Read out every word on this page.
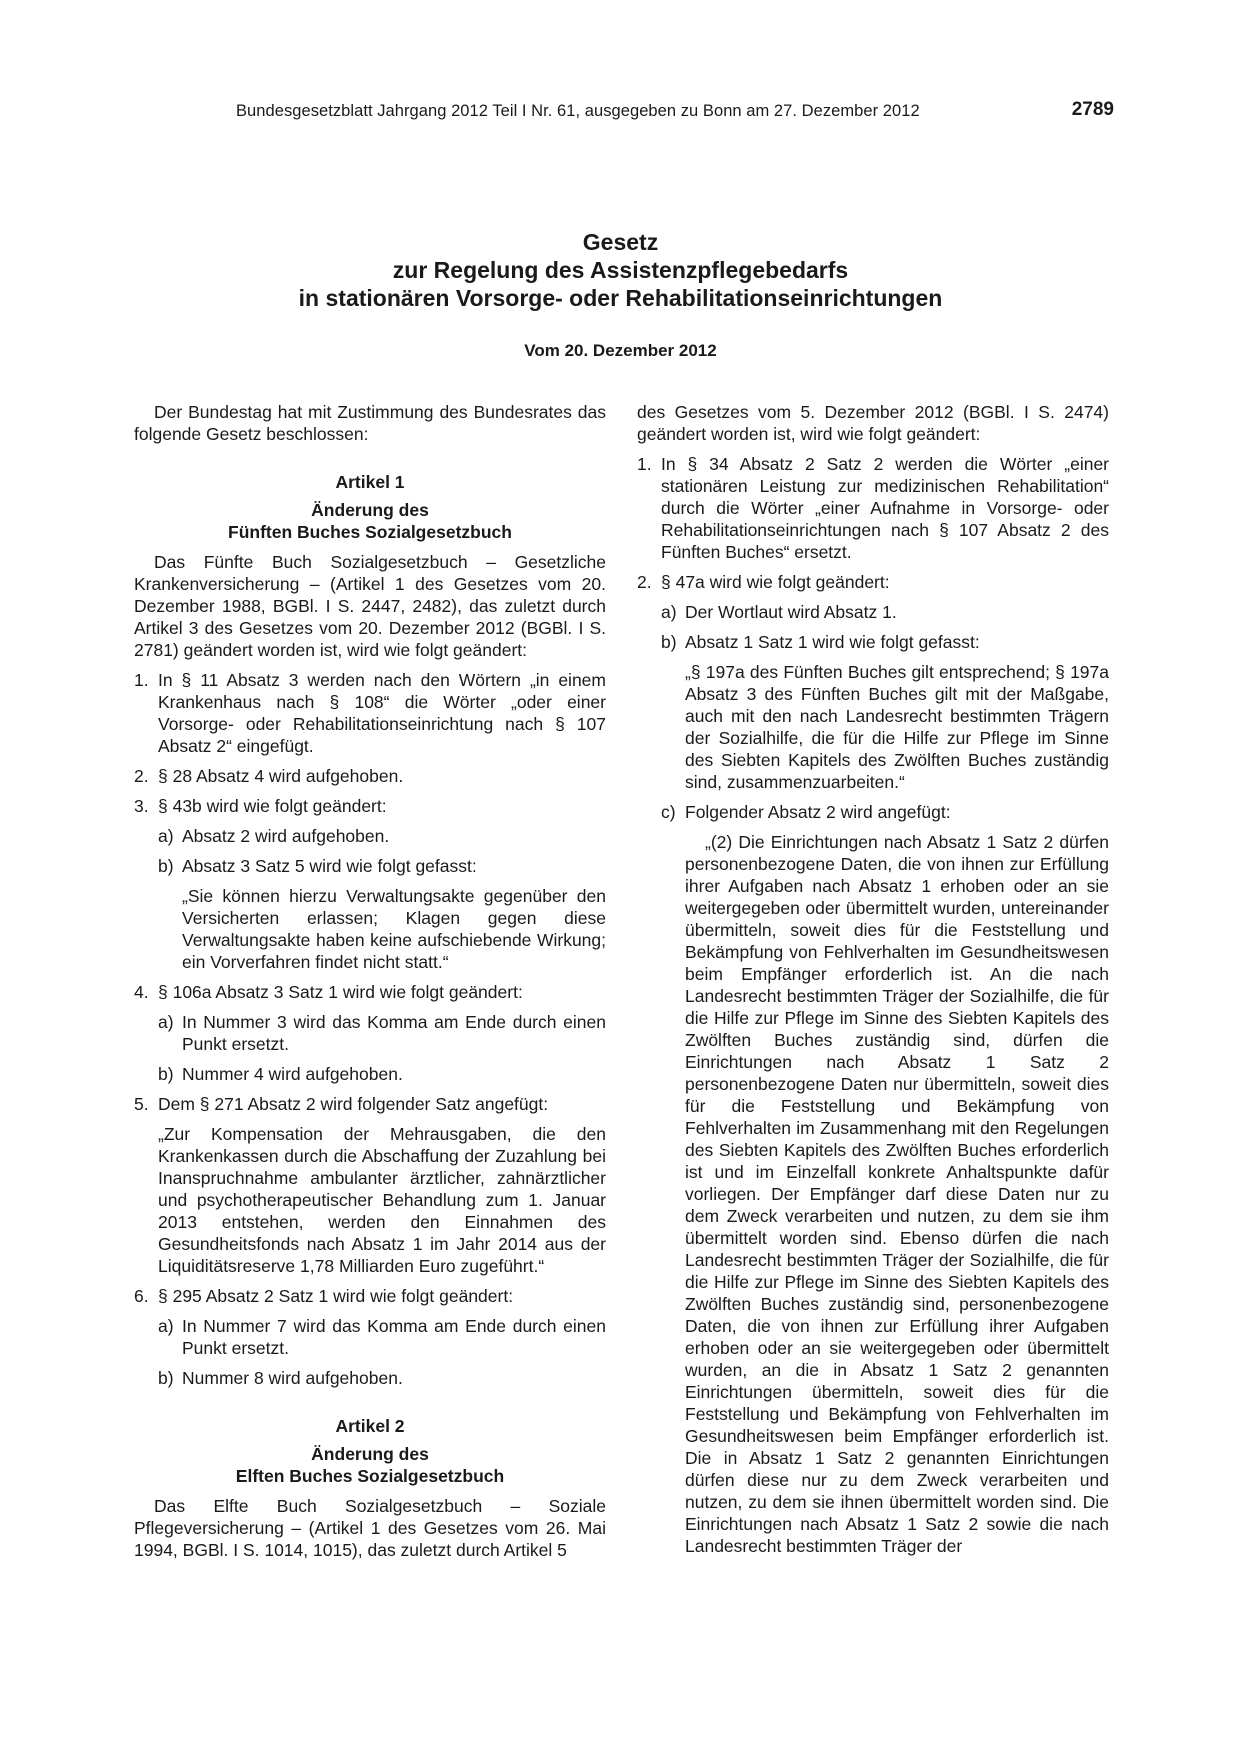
Bundesgesetzblatt Jahrgang 2012 Teil I Nr. 61, ausgegeben zu Bonn am 27. Dezember 2012	2789
Gesetz
zur Regelung des Assistenzpflegebedarfs
in stationären Vorsorge- oder Rehabilitationseinrichtungen
Vom 20. Dezember 2012

Der Bundestag hat mit Zustimmung des Bundesrates das folgende Gesetz beschlossen:

Artikel 1
Änderung des
Fünften Buches Sozialgesetzbuch

Das Fünfte Buch Sozialgesetzbuch – Gesetzliche Krankenversicherung – (Artikel 1 des Gesetzes vom 20. Dezember 1988, BGBl. I S. 2447, 2482), das zuletzt durch Artikel 3 des Gesetzes vom 20. Dezember 2012 (BGBl. I S. 2781) geändert worden ist, wird wie folgt geändert:

1. In § 11 Absatz 3 werden nach den Wörtern „in einem Krankenhaus nach § 108“ die Wörter „oder einer Vorsorge- oder Rehabilitationseinrichtung nach § 107 Absatz 2“ eingefügt.

2. § 28 Absatz 4 wird aufgehoben.

3. § 43b wird wie folgt geändert:

a) Absatz 2 wird aufgehoben.

b) Absatz 3 Satz 5 wird wie folgt gefasst:

„Sie können hierzu Verwaltungsakte gegenüber den Versicherten erlassen; Klagen gegen diese Verwaltungsakte haben keine aufschiebende Wirkung; ein Vorverfahren findet nicht statt.“

4. § 106a Absatz 3 Satz 1 wird wie folgt geändert:

a) In Nummer 3 wird das Komma am Ende durch einen Punkt ersetzt.

b) Nummer 4 wird aufgehoben.

5. Dem § 271 Absatz 2 wird folgender Satz angefügt:

„Zur Kompensation der Mehrausgaben, die den Krankenkassen durch die Abschaffung der Zuzahlung bei Inanspruchnahme ambulanter ärztlicher, zahnärztlicher und psychotherapeutischer Behandlung zum 1. Januar 2013 entstehen, werden den Einnahmen des Gesundheitsfonds nach Absatz 1 im Jahr 2014 aus der Liquiditätsreserve 1,78 Milliarden Euro zugeführt.“

6. § 295 Absatz 2 Satz 1 wird wie folgt geändert:

a) In Nummer 7 wird das Komma am Ende durch einen Punkt ersetzt.

b) Nummer 8 wird aufgehoben.

Artikel 2
Änderung des
Elften Buches Sozialgesetzbuch

Das Elfte Buch Sozialgesetzbuch – Soziale Pflegeversicherung – (Artikel 1 des Gesetzes vom 26. Mai 1994, BGBl. I S. 1014, 1015), das zuletzt durch Artikel 5

des Gesetzes vom 5. Dezember 2012 (BGBl. I S. 2474) geändert worden ist, wird wie folgt geändert:

1. In § 34 Absatz 2 Satz 2 werden die Wörter „einer stationären Leistung zur medizinischen Rehabilitation“ durch die Wörter „einer Aufnahme in Vorsorge- oder Rehabilitationseinrichtungen nach § 107 Absatz 2 des Fünften Buches“ ersetzt.

2. § 47a wird wie folgt geändert:

a) Der Wortlaut wird Absatz 1.

b) Absatz 1 Satz 1 wird wie folgt gefasst:

„§ 197a des Fünften Buches gilt entsprechend; § 197a Absatz 3 des Fünften Buches gilt mit der Maßgabe, auch mit den nach Landesrecht bestimmten Trägern der Sozialhilfe, die für die Hilfe zur Pflege im Sinne des Siebten Kapitels des Zwölften Buches zuständig sind, zusammenzuarbeiten.“

c) Folgender Absatz 2 wird angefügt:

„(2) Die Einrichtungen nach Absatz 1 Satz 2 dürfen personenbezogene Daten, die von ihnen zur Erfüllung ihrer Aufgaben nach Absatz 1 erhoben oder an sie weitergegeben oder übermittelt wurden, untereinander übermitteln, soweit dies für die Feststellung und Bekämpfung von Fehlverhalten im Gesundheitswesen beim Empfänger erforderlich ist. An die nach Landesrecht bestimmten Träger der Sozialhilfe, die für die Hilfe zur Pflege im Sinne des Siebten Kapitels des Zwölften Buches zuständig sind, dürfen die Einrichtungen nach Absatz 1 Satz 2 personenbezogene Daten nur übermitteln, soweit dies für die Feststellung und Bekämpfung von Fehlverhalten im Zusammenhang mit den Regelungen des Siebten Kapitels des Zwölften Buches erforderlich ist und im Einzelfall konkrete Anhaltspunkte dafür vorliegen. Der Empfänger darf diese Daten nur zu dem Zweck verarbeiten und nutzen, zu dem sie ihm übermittelt worden sind. Ebenso dürfen die nach Landesrecht bestimmten Träger der Sozialhilfe, die für die Hilfe zur Pflege im Sinne des Siebten Kapitels des Zwölften Buches zuständig sind, personenbezogene Daten, die von ihnen zur Erfüllung ihrer Aufgaben erhoben oder an sie weitergegeben oder übermittelt wurden, an die in Absatz 1 Satz 2 genannten Einrichtungen übermitteln, soweit dies für die Feststellung und Bekämpfung von Fehlverhalten im Gesundheitswesen beim Empfänger erforderlich ist. Die in Absatz 1 Satz 2 genannten Einrichtungen dürfen diese nur zu dem Zweck verarbeiten und nutzen, zu dem sie ihnen übermittelt worden sind. Die Einrichtungen nach Absatz 1 Satz 2 sowie die nach Landesrecht bestimmten Träger der
